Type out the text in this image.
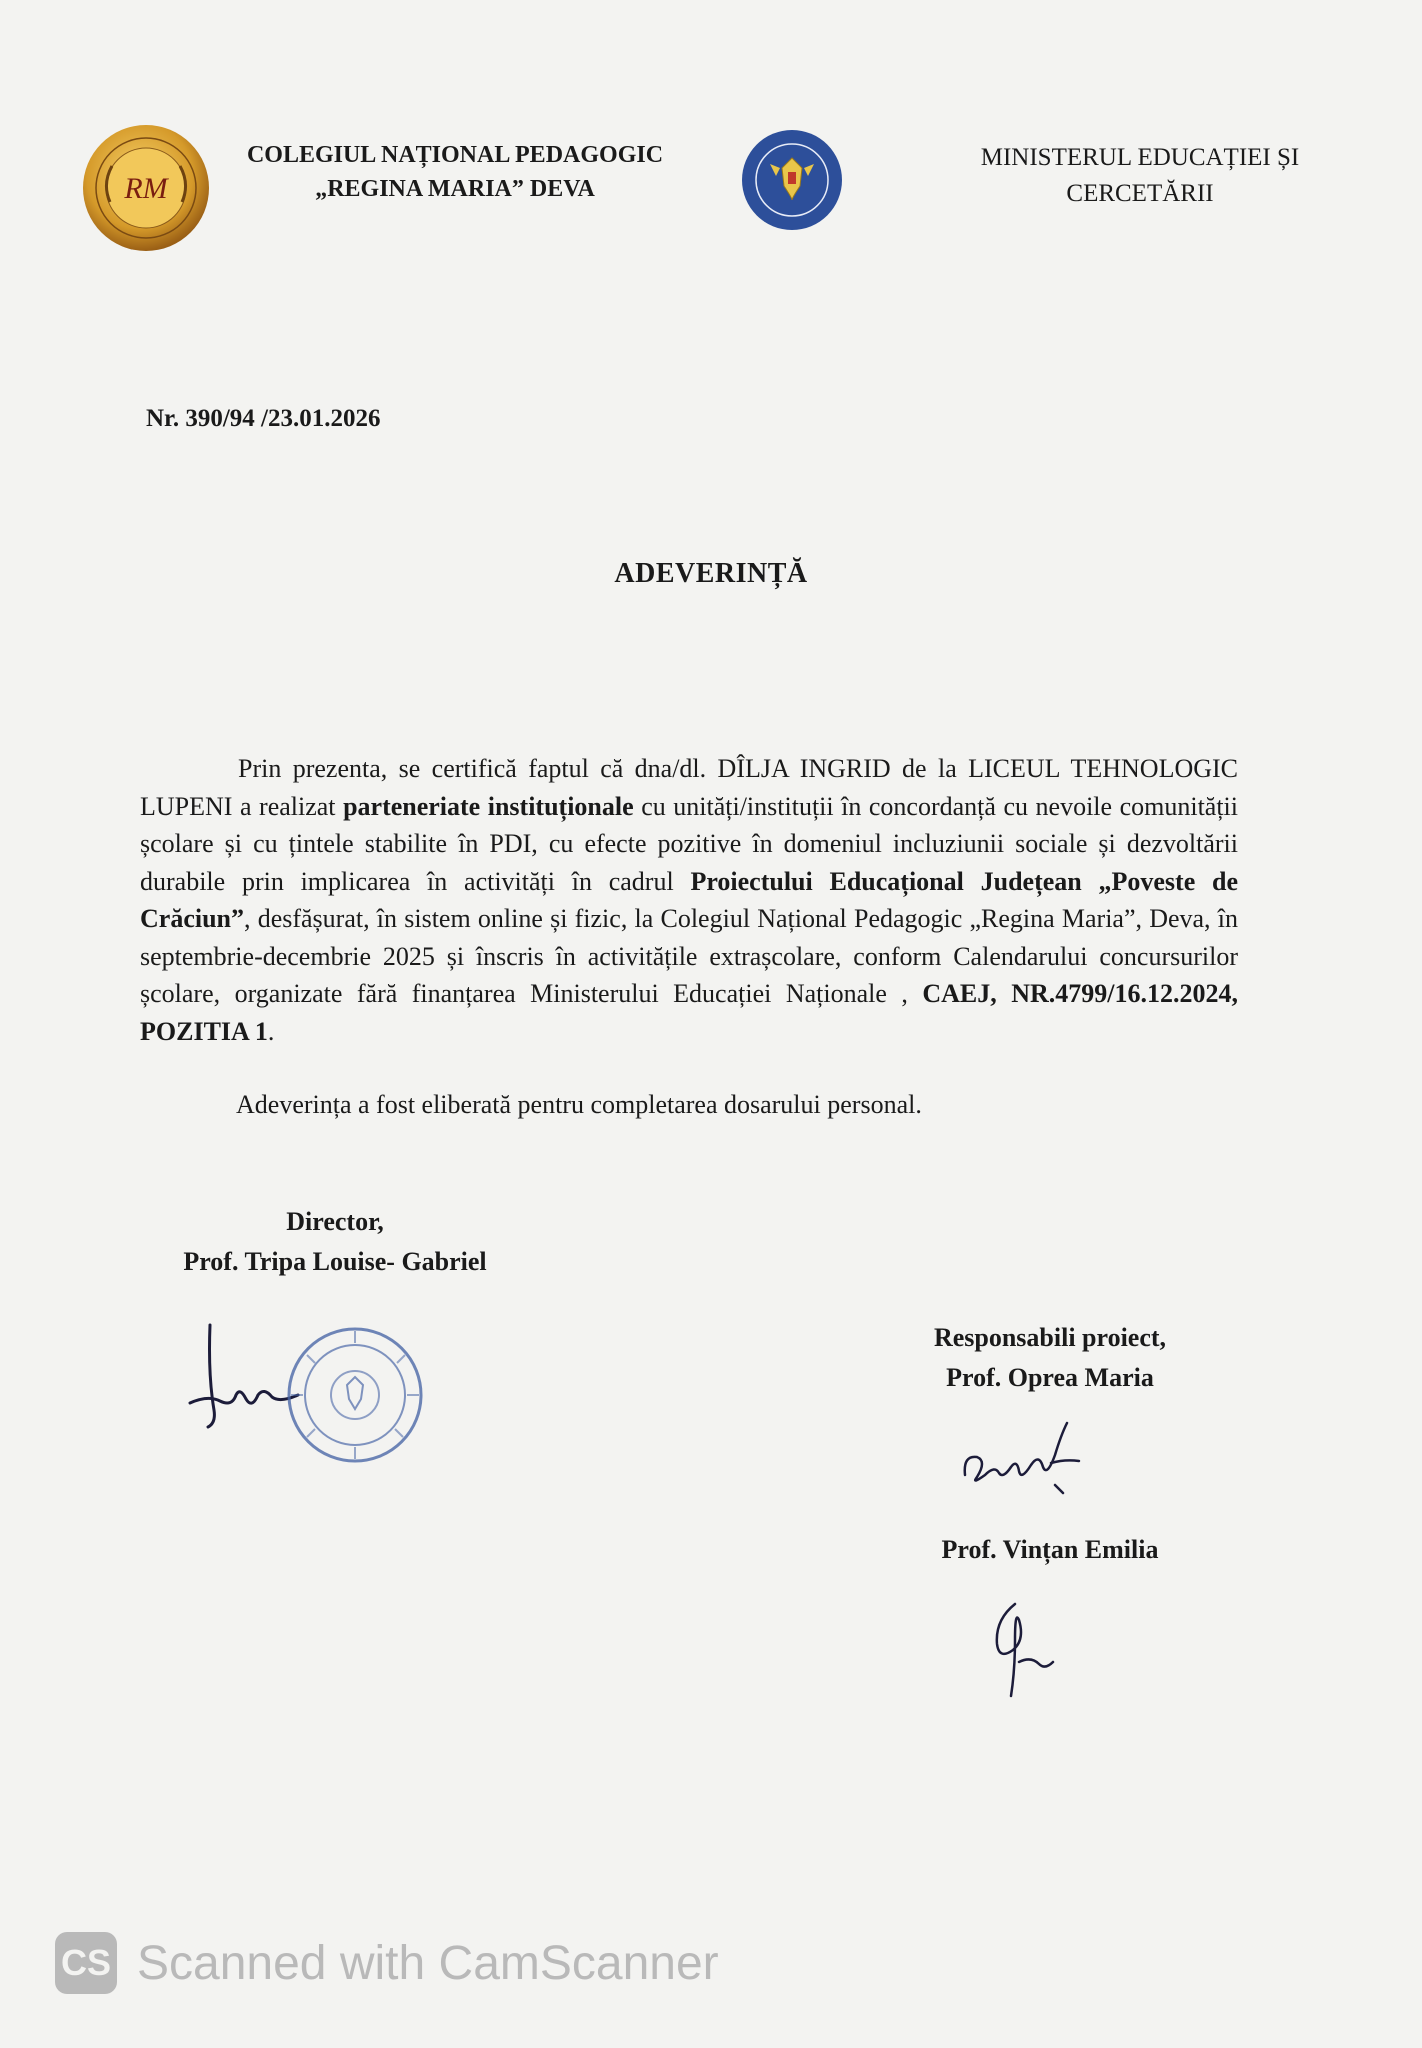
RM
COLEGIUL NAȚIONAL PEDAGOGIC
„REGINA MARIA” DEVA
MINISTERUL EDUCAȚIEI ȘI
CERCETĂRII
Nr. 390/94 /23.01.2026
ADEVERINȚĂ

Prin prezenta, se certifică faptul că dna/dl. DÎLJA INGRID de la LICEUL TEHNOLOGIC LUPENI a realizat parteneriate instituționale cu unități/instituții în concordanță cu nevoile comunității școlare și cu țintele stabilite în PDI, cu efecte pozitive în domeniul incluziunii sociale și dezvoltării durabile prin implicarea în activități în cadrul Proiectului Educațional Județean „Poveste de Crăciun”, desfășurat, în sistem online și fizic, la Colegiul Național Pedagogic „Regina Maria”, Deva, în septembrie-decembrie 2025 și înscris în activitățile extrașcolare, conform Calendarului concursurilor școlare, organizate fără finanțarea Ministerului Educației Naționale , CAEJ, NR.4799/16.12.2024, POZITIA 1.

Adeverința a fost eliberată pentru completarea dosarului personal.
Director,
Prof. Tripa Louise- Gabriel
Responsabili proiect,
Prof. Oprea Maria
Prof. Vințan Emilia
CS Scanned with CamScanner
